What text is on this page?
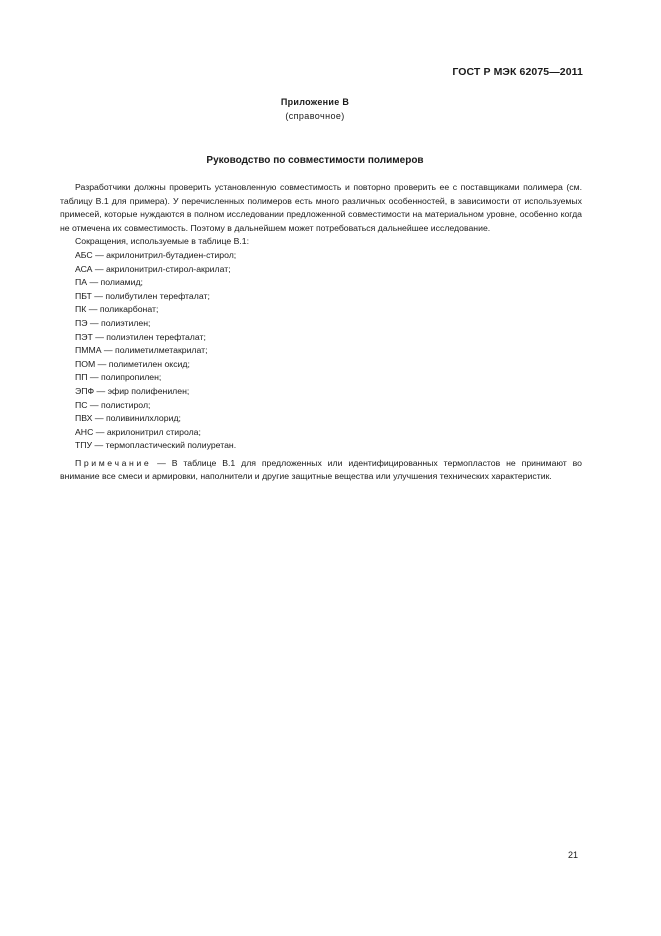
ГОСТ Р МЭК 62075—2011
Приложение В
(справочное)
Руководство по совместимости полимеров

Разработчики должны проверить установленную совместимость и повторно проверить ее с поставщиками полимера (см. таблицу В.1 для примера). У перечисленных полимеров есть много различных особенностей, в зависимости от используемых примесей, которые нуждаются в полном исследовании предложенной совместимости на материальном уровне, особенно когда не отмечена их совместимость. Поэтому в дальнейшем может потребоваться дальнейшее исследование.

Сокращения, используемые в таблице В.1:

АБС — акрилонитрил-бутадиен-стирол;
АСА — акрилонитрил-стирол-акрилат;
ПА — полиамид;
ПБТ — полибутилен терефталат;
ПК — поликарбонат;
ПЭ — полиэтилен;
ПЭТ — полиэтилен терефталат;
ПММА — полиметилметакрилат;
ПОМ — полиметилен оксид;
ПП — полипропилен;
ЭПФ — эфир полифенилен;
ПС — полистирол;
ПВХ — поливинилхлорид;
АНС — акрилонитрил стирола;
ТПУ — термопластический полиуретан.

Примечание — В таблице В.1 для предложенных или идентифицированных термопластов не принимают во внимание все смеси и армировки, наполнители и другие защитные вещества или улучшения технических характеристик.

21
